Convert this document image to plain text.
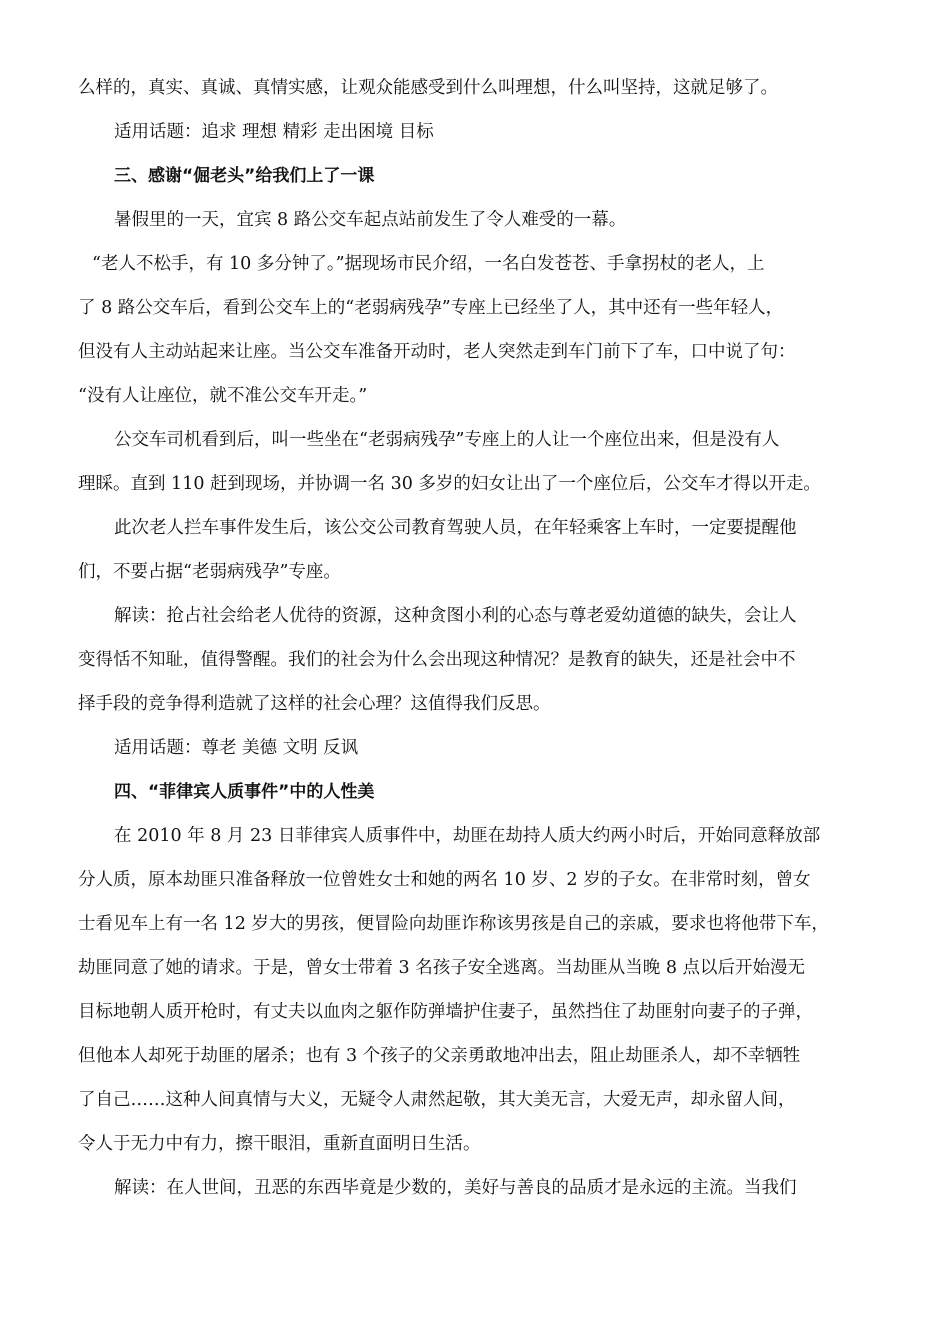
么样的，真实、真诚、真情实感，让观众能感受到什么叫理想，什么叫坚持，这就足够了。
适用话题：追求 理想 精彩 走出困境 目标
三、感谢“倔老头”给我们上了一课
暑假里的一天，宜宾 8 路公交车起点站前发生了令人难受的一幕。
“老人不松手，有 10 多分钟了。”据现场市民介绍，一名白发苍苍、手拿拐杖的老人，上
了 8 路公交车后，看到公交车上的“老弱病残孕”专座上已经坐了人，其中还有一些年轻人，
但没有人主动站起来让座。当公交车准备开动时，老人突然走到车门前下了车，口中说了句：
“没有人让座位，就不准公交车开走。”
公交车司机看到后，叫一些坐在“老弱病残孕”专座上的人让一个座位出来，但是没有人
理睬。直到 110 赶到现场，并协调一名 30 多岁的妇女让出了一个座位后，公交车才得以开走。
此次老人拦车事件发生后，该公交公司教育驾驶人员，在年轻乘客上车时，一定要提醒他
们，不要占据“老弱病残孕”专座。
解读：抢占社会给老人优待的资源，这种贪图小利的心态与尊老爱幼道德的缺失，会让人
变得恬不知耻，值得警醒。我们的社会为什么会出现这种情况？是教育的缺失，还是社会中不
择手段的竞争得利造就了这样的社会心理？这值得我们反思。
适用话题：尊老 美德 文明 反讽
四、“菲律宾人质事件”中的人性美
在 2010 年 8 月 23 日菲律宾人质事件中，劫匪在劫持人质大约两小时后，开始同意释放部
分人质，原本劫匪只准备释放一位曾姓女士和她的两名 10 岁、2 岁的子女。在非常时刻，曾女
士看见车上有一名 12 岁大的男孩，便冒险向劫匪诈称该男孩是自己的亲戚，要求也将他带下车，
劫匪同意了她的请求。于是，曾女士带着 3 名孩子安全逃离。当劫匪从当晚 8 点以后开始漫无
目标地朝人质开枪时，有丈夫以血肉之躯作防弹墙护住妻子，虽然挡住了劫匪射向妻子的子弹，
但他本人却死于劫匪的屠杀；也有 3 个孩子的父亲勇敢地冲出去，阻止劫匪杀人，却不幸牺牲
了自己……这种人间真情与大义，无疑令人肃然起敬，其大美无言，大爱无声，却永留人间，
令人于无力中有力，擦干眼泪，重新直面明日生活。
解读：在人世间，丑恶的东西毕竟是少数的，美好与善良的品质才是永远的主流。当我们
